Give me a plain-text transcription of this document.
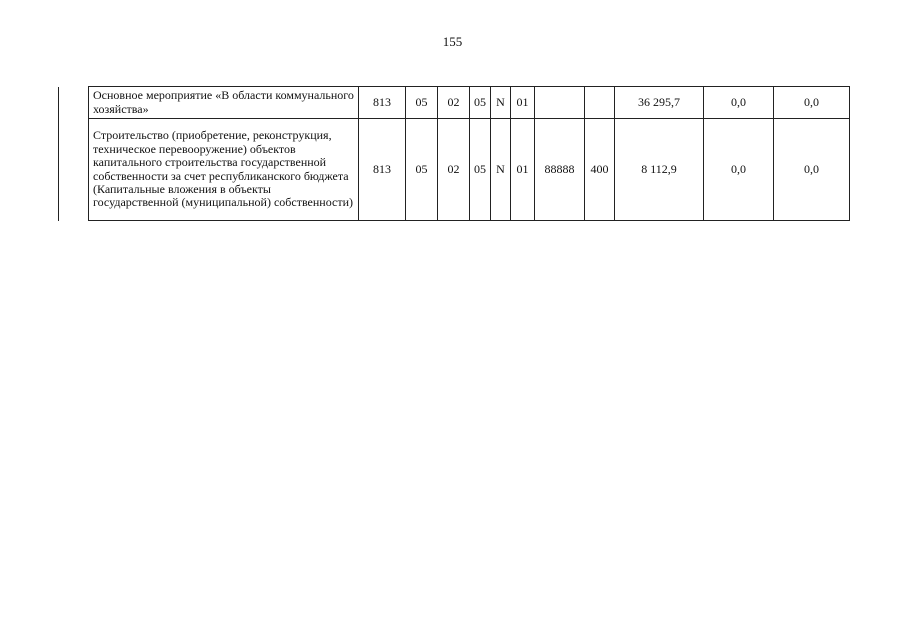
155
	Основное мероприятие «В области коммунального хозяйства»	813	05	02	05	N	01			36 295,7	0,0	0,0
	Строительство (приобретение, реконструкция, техническое перевооружение) объектов капитального строительства государственной собственности за счет республиканского бюджета (Капитальные вложения в объекты государственной (муниципальной) собственности)	813	05	02	05	N	01	88888	400	8 112,9	0,0	0,0
